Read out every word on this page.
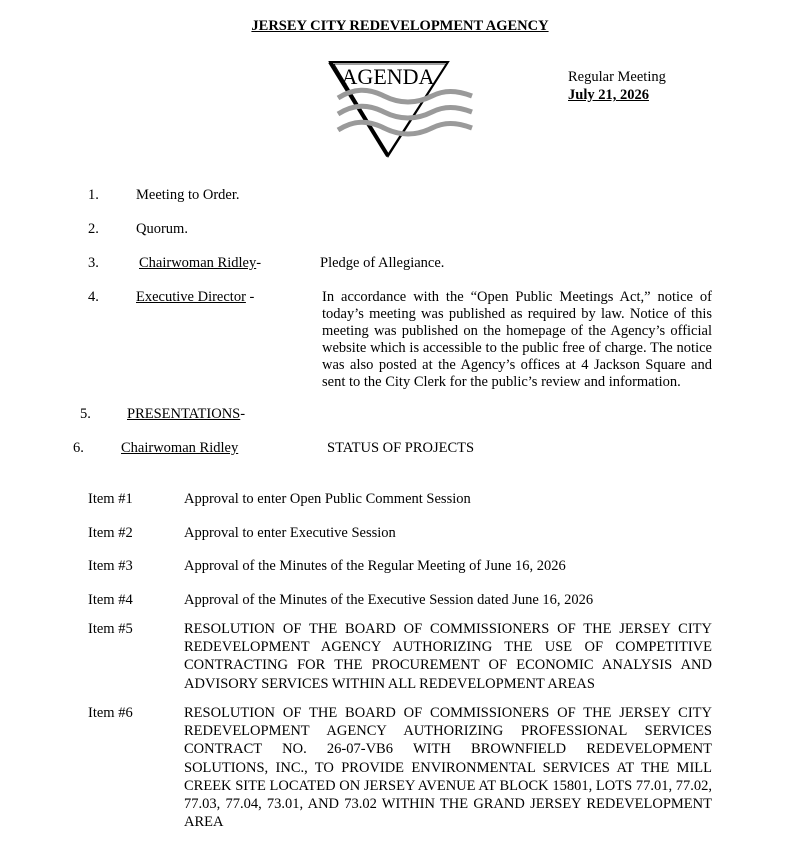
JERSEY CITY REDEVELOPMENT AGENCY
AGENDA	Regular Meeting
July 21, 2026
1.	Meeting to Order.
2.	Quorum.
3.	Chairwoman Ridley-	Pledge of Allegiance.
4.	Executive Director -	In accordance with the “Open Public Meetings Act,” notice of today’s meeting was published as required by law. Notice of this meeting was published on the homepage of the Agency’s official website which is accessible to the public free of charge. The notice was also posted at the Agency’s offices at 4 Jackson Square and sent to the City Clerk for the public’s review and information.

5. PRESENTATIONS-
6.	Chairwoman Ridley	STATUS OF PROJECTS
Item #1	Approval to enter Open Public Comment Session
Item #2	Approval to enter Executive Session
Item #3	Approval of the Minutes of the Regular Meeting of June 16, 2026
Item #4	Approval of the Minutes of the Executive Session dated June 16, 2026
Item #5	RESOLUTION OF THE BOARD OF COMMISSIONERS OF THE JERSEY CITY REDEVELOPMENT AGENCY AUTHORIZING THE USE OF COMPETITIVE CONTRACTING FOR THE PROCUREMENT OF ECONOMIC ANALYSIS AND ADVISORY SERVICES WITHIN ALL REDEVELOPMENT AREAS

Item #6	RESOLUTION OF THE BOARD OF COMMISSIONERS OF THE JERSEY CITY REDEVELOPMENT AGENCY AUTHORIZING PROFESSIONAL SERVICES CONTRACT NO. 26-07-VB6 WITH BROWNFIELD REDEVELOPMENT SOLUTIONS, INC., TO PROVIDE ENVIRONMENTAL SERVICES AT THE MILL CREEK SITE LOCATED ON JERSEY AVENUE AT BLOCK 15801, LOTS 77.01, 77.02, 77.03, 77.04, 73.01, AND 73.02 WITHIN THE GRAND JERSEY REDEVELOPMENT AREA
